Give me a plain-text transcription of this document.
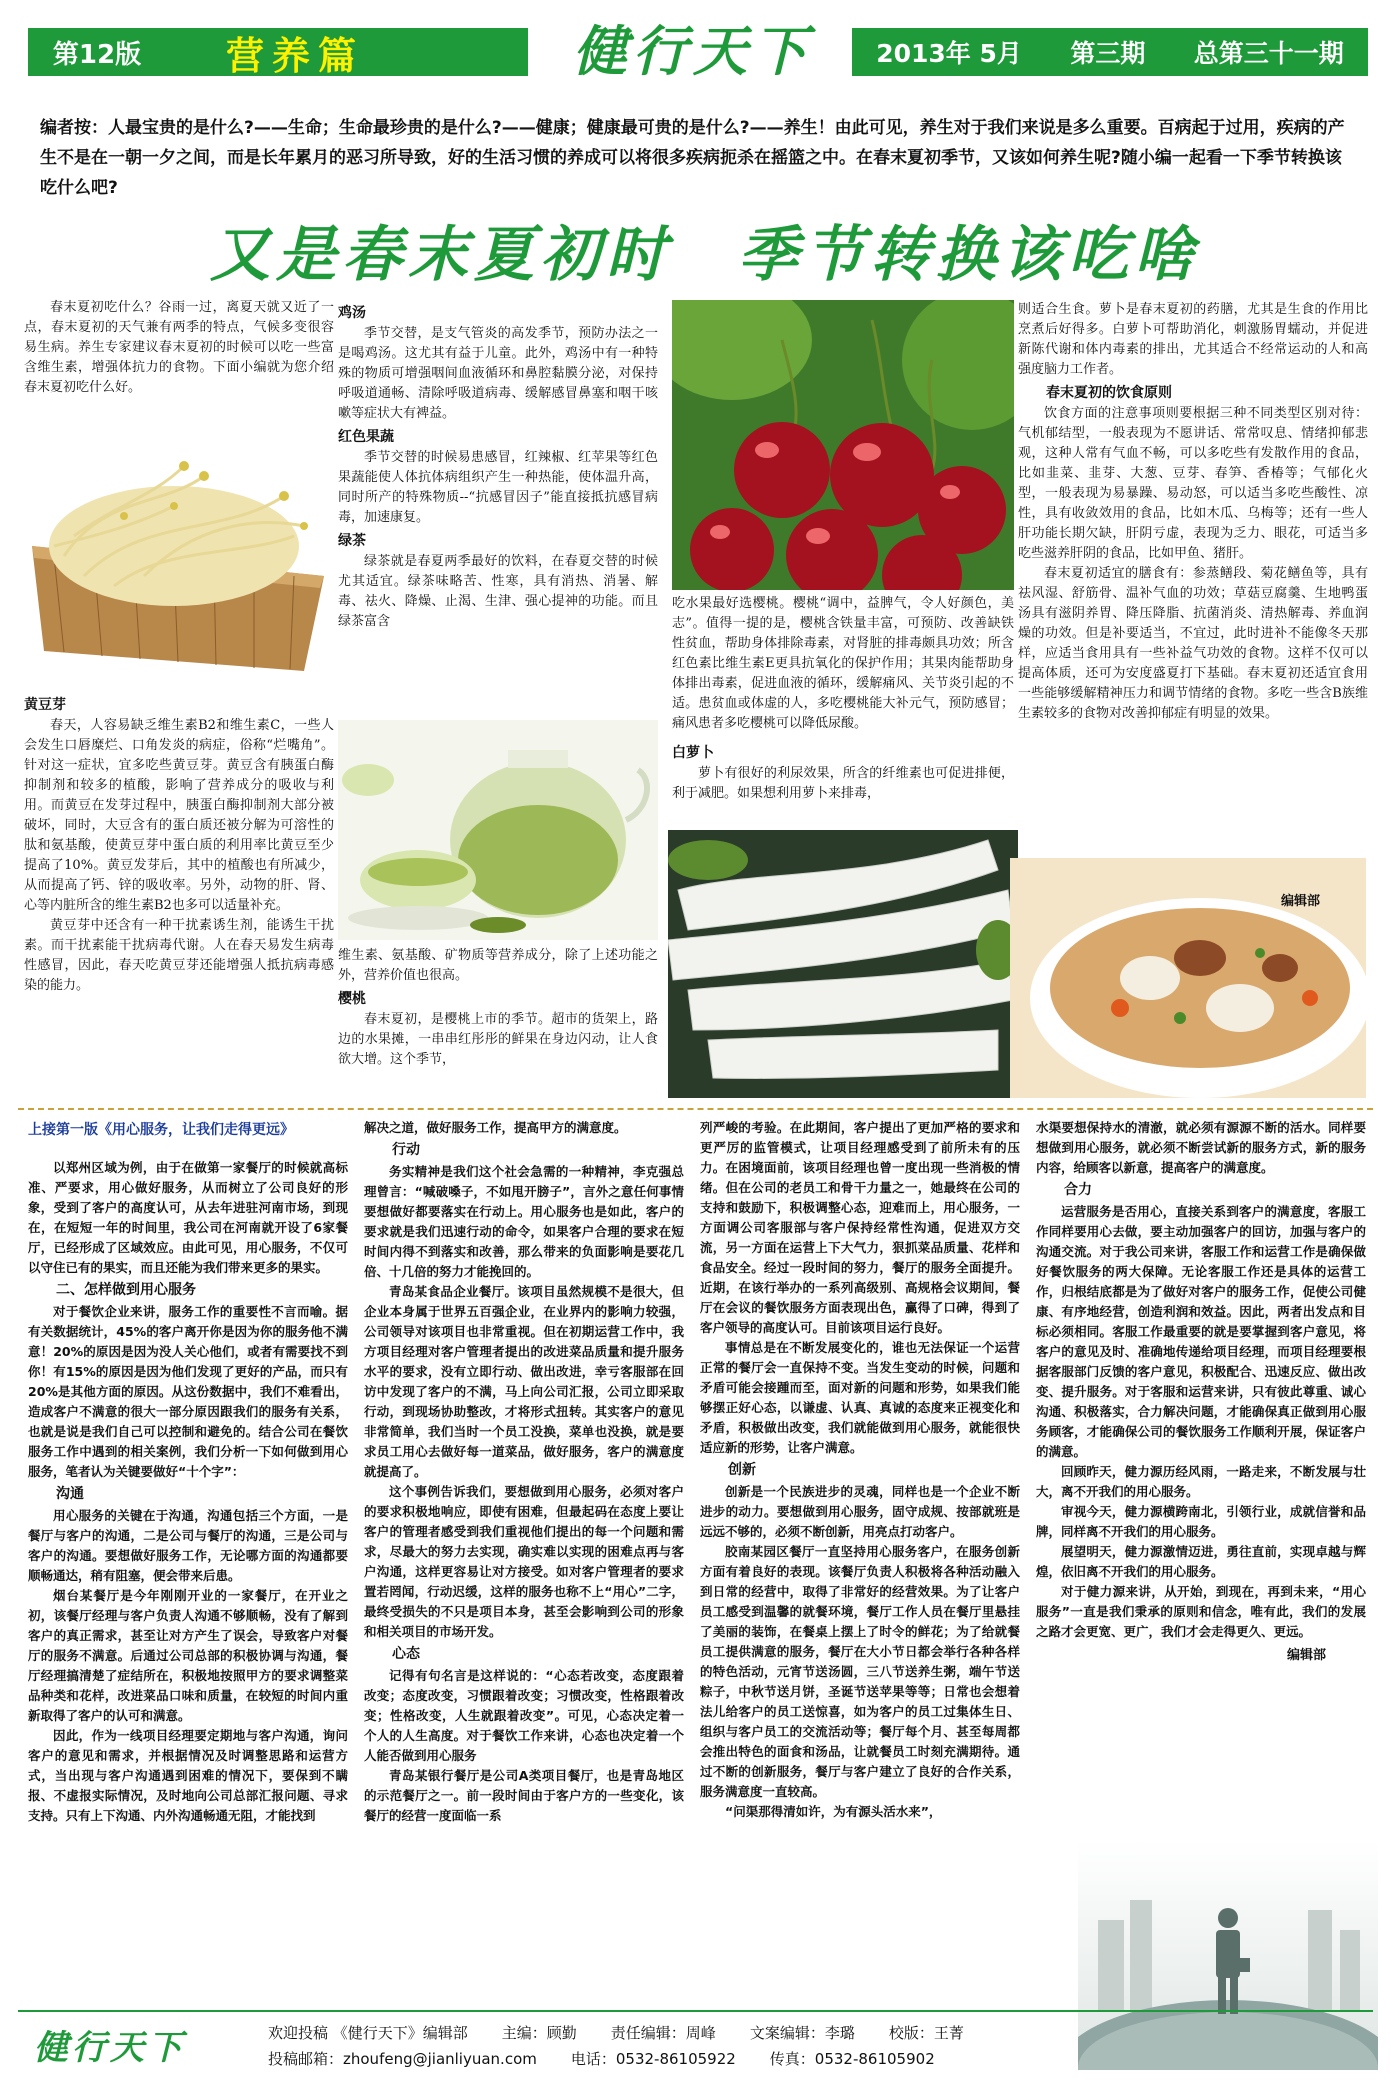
第12版	营养篇	健行天下	2013年 5月 第三期 总第三十一期
编者按：人最宝贵的是什么?——生命；生命最珍贵的是什么?——健康；健康最可贵的是什么?——养生！由此可见，养生对于我们来说是多么重要。百病起于过用，疾病的产生不是在一朝一夕之间，而是长年累月的恶习所导致，好的生活习惯的养成可以将很多疾病扼杀在摇篮之中。在春末夏初季节，又该如何养生呢?随小编一起看一下季节转换该吃什么吧?
又是春末夏初时　季节转换该吃啥

春末夏初吃什么？谷雨一过，离夏天就又近了一点，春末夏初的天气兼有两季的特点，气候多变很容易生病。养生专家建议春末夏初的时候可以吃一些富含维生素，增强体抗力的食物。下面小编就为您介绍春末夏初吃什么好。

黄豆芽

春天，人容易缺乏维生素B2和维生素C，一些人会发生口唇糜烂、口角发炎的病症，俗称“烂嘴角”。针对这一症状，宜多吃些黄豆芽。黄豆含有胰蛋白酶抑制剂和较多的植酸，影响了营养成分的吸收与利用。而黄豆在发芽过程中，胰蛋白酶抑制剂大部分被破坏，同时，大豆含有的蛋白质还被分解为可溶性的肽和氨基酸，使黄豆芽中蛋白质的利用率比黄豆至少提高了10%。黄豆发芽后，其中的植酸也有所减少，从而提高了钙、锌的吸收率。另外，动物的肝、肾、心等内脏所含的维生素B2也多可以适量补充。

黄豆芽中还含有一种干扰素诱生剂，能诱生干扰素。而干扰素能干扰病毒代谢。人在春天易发生病毒性感冒，因此，春天吃黄豆芽还能增强人抵抗病毒感染的能力。

鸡汤

季节交替，是支气管炎的高发季节，预防办法之一是喝鸡汤。这尤其有益于儿童。此外，鸡汤中有一种特殊的物质可增强咽间血液循环和鼻腔黏膜分泌，对保持呼吸道通畅、清除呼吸道病毒、缓解感冒鼻塞和咽干咳嗽等症状大有裨益。

红色果蔬

季节交替的时候易患感冒，红辣椒、红苹果等红色果蔬能使人体抗体病组织产生一种热能，使体温升高，同时所产的特殊物质--“抗感冒因子”能直接抵抗感冒病毒，加速康复。

绿茶

绿茶就是春夏两季最好的饮料，在春夏交替的时候尤其适宜。绿茶味略苦、性寒，具有消热、消暑、解毒、祛火、降燥、止渴、生津、强心提神的功能。而且绿茶富含

维生素、氨基酸、矿物质等营养成分，除了上述功能之外，营养价值也很高。

樱桃

春末夏初，是樱桃上市的季节。超市的货架上，路边的水果摊，一串串红彤彤的鲜果在身边闪动，让人食欲大增。这个季节，

吃水果最好选樱桃。樱桃“调中，益脾气，令人好颜色，美志”。值得一提的是，樱桃含铁量丰富，可预防、改善缺铁性贫血，帮助身体排除毒素，对肾脏的排毒颇具功效；所含红色素比维生素E更具抗氧化的保护作用；其果肉能帮助身体排出毒素，促进血液的循环，缓解痛风、关节炎引起的不适。患贫血或体虚的人，多吃樱桃能大补元气，预防感冒；痛风患者多吃樱桃可以降低尿酸。

白萝卜

萝卜有很好的利尿效果，所含的纤维素也可促进排便，利于减肥。如果想利用萝卜来排毒，

则适合生食。萝卜是春末夏初的药膳，尤其是生食的作用比烹煮后好得多。白萝卜可帮助消化，刺激肠胃蠕动，并促进新陈代谢和体内毒素的排出，尤其适合不经常运动的人和高强度脑力工作者。

春末夏初的饮食原则

饮食方面的注意事项则要根据三种不同类型区别对待：气机郁结型，一般表现为不愿讲话、常常叹息、情绪抑郁悲观，这种人常有气血不畅，可以多吃些有发散作用的食品，比如韭菜、韭芽、大葱、豆芽、春笋、香椿等；气郁化火型，一般表现为易暴躁、易动怒，可以适当多吃些酸性、凉性，具有收敛效用的食品，比如木瓜、乌梅等；还有一些人肝功能长期欠缺，肝阴亏虚，表现为乏力、眼花，可适当多吃些滋养肝阴的食品，比如甲鱼、猪肝。

春末夏初适宜的膳食有：参蒸鳝段、菊花鳝鱼等，具有祛风湿、舒筋骨、温补气血的功效；草菇豆腐羹、生地鸭蛋汤具有滋阴养胃、降压降脂、抗菌消炎、清热解毒、养血润燥的功效。但是补要适当，不宜过，此时进补不能像冬天那样，应适当食用具有一些补益气功效的食物。这样不仅可以提高体质，还可为安度盛夏打下基础。春末夏初还适宜食用一些能够缓解精神压力和调节情绪的食物。多吃一些含B族维生素较多的食物对改善抑郁症有明显的效果。

编辑部
上接第一版《用心服务，让我们走得更远》

以郑州区域为例，由于在做第一家餐厅的时候就高标准、严要求，用心做好服务，从而树立了公司良好的形象，受到了客户的高度认可，从去年进驻河南市场，到现在，在短短一年的时间里，我公司在河南就开设了6家餐厅，已经形成了区域效应。由此可见，用心服务，不仅可以守住已有的果实，而且还能为我们带来更多的果实。

二、怎样做到用心服务

对于餐饮企业来讲，服务工作的重要性不言而喻。据有关数据统计，45%的客户离开你是因为你的服务他不满意！20%的原因是因为没人关心他们，或者有需要找不到你！有15%的原因是因为他们发现了更好的产品，而只有20%是其他方面的原因。从这份数据中，我们不难看出，造成客户不满意的很大一部分原因跟我们的服务有关系，也就是说是我们自己可以控制和避免的。结合公司在餐饮服务工作中遇到的相关案例，我们分析一下如何做到用心服务，笔者认为关键要做好“十个字”：

沟通

用心服务的关键在于沟通，沟通包括三个方面，一是餐厅与客户的沟通，二是公司与餐厅的沟通，三是公司与客户的沟通。要想做好服务工作，无论哪方面的沟通都要顺畅通达，稍有阻塞，便会带来后患。

烟台某餐厅是今年刚刚开业的一家餐厅，在开业之初，该餐厅经理与客户负责人沟通不够顺畅，没有了解到客户的真正需求，甚至让对方产生了误会，导致客户对餐厅的服务不满意。后通过公司总部的积极协调与沟通，餐厅经理搞清楚了症结所在，积极地按照甲方的要求调整菜品种类和花样，改进菜品口味和质量，在较短的时间内重新取得了客户的认可和满意。

因此，作为一线项目经理要定期地与客户沟通，询问客户的意见和需求，并根据情况及时调整思路和运营方式，当出现与客户沟通遇到困难的情况下，要保到不瞒报、不虚报实际情况，及时地向公司总部汇报问题、寻求支持。只有上下沟通、内外沟通畅通无阻，才能找到

解决之道，做好服务工作，提高甲方的满意度。

行动

务实精神是我们这个社会急需的一种精神，李克强总理曾言：“喊破嗓子，不如甩开膀子”，言外之意任何事情要想做好都要落实在行动上。用心服务也是如此，客户的要求就是我们迅速行动的命令，如果客户合理的要求在短时间内得不到落实和改善，那么带来的负面影响是要花几倍、十几倍的努力才能挽回的。

青岛某食品企业餐厅。该项目虽然规模不是很大，但企业本身属于世界五百强企业，在业界内的影响力较强，公司领导对该项目也非常重视。但在初期运营工作中，我方项目经理对客户管理者提出的改进菜品质量和提升服务水平的要求，没有立即行动、做出改进，幸亏客服部在回访中发现了客户的不满，马上向公司汇报，公司立即采取行动，到现场协助整改，才将形式扭转。其实客户的意见非常简单，我们当时一个员工没换，菜单也没换，就是要求员工用心去做好每一道菜品，做好服务，客户的满意度就提高了。

这个事例告诉我们，要想做到用心服务，必须对客户的要求积极地响应，即使有困难，但最起码在态度上要让客户的管理者感受到我们重视他们提出的每一个问题和需求，尽最大的努力去实现，确实难以实现的困难点再与客户沟通，这样更容易让对方接受。如对客户管理者的要求置若罔闻，行动迟缓，这样的服务也称不上“用心”二字，最终受损失的不只是项目本身，甚至会影响到公司的形象和相关项目的市场开发。

心态

记得有句名言是这样说的：“心态若改变，态度跟着改变；态度改变，习惯跟着改变；习惯改变，性格跟着改变；性格改变，人生就跟着改变”。可见，心态决定着一个人的人生高度。对于餐饮工作来讲，心态也决定着一个人能否做到用心服务

青岛某银行餐厅是公司A类项目餐厅，也是青岛地区的示范餐厅之一。前一段时间由于客户方的一些变化，该餐厅的经营一度面临一系

列严峻的考验。在此期间，客户提出了更加严格的要求和更严厉的监管模式，让项目经理感受到了前所未有的压力。在困境面前，该项目经理也曾一度出现一些消极的情绪。但在公司的老员工和骨干力量之一，她最终在公司的支持和鼓励下，积极调整心态，迎难而上，用心服务，一方面调公司客服部与客户保持经常性沟通，促进双方交流，另一方面在运营上下大气力，狠抓菜品质量、花样和食品安全。经过一段时间的努力，餐厅的服务全面提升。近期，在该行举办的一系列高级别、高规格会议期间，餐厅在会议的餐饮服务方面表现出色，赢得了口碑，得到了客户领导的高度认可。目前该项目运行良好。

事情总是在不断发展变化的，谁也无法保证一个运营正常的餐厅会一直保持不变。当发生变动的时候，问题和矛盾可能会接踵而至，面对新的问题和形势，如果我们能够摆正好心态，以谦虚、认真、真诚的态度来正视变化和矛盾，积极做出改变，我们就能做到用心服务，就能很快适应新的形势，让客户满意。

创新

创新是一个民族进步的灵魂，同样也是一个企业不断进步的动力。要想做到用心服务，固守成规、按部就班是远远不够的，必须不断创新，用亮点打动客户。

胶南某园区餐厅一直坚持用心服务客户，在服务创新方面有着良好的表现。该餐厅负责人积极将各种活动融入到日常的经营中，取得了非常好的经营效果。为了让客户员工感受到温馨的就餐环境，餐厅工作人员在餐厅里悬挂了美丽的装饰，在餐桌上摆上了时令的鲜花；为了给就餐员工提供满意的服务，餐厅在大小节日都会举行各种各样的特色活动，元宵节送汤圆，三八节送养生粥，端午节送粽子，中秋节送月饼，圣诞节送苹果等等；日常也会想着法儿给客户的员工送惊喜，如为客户的员工过集体生日、组织与客户员工的交流活动等；餐厅每个月、甚至每周都会推出特色的面食和汤品，让就餐员工时刻充满期待。通过不断的创新服务，餐厅与客户建立了良好的合作关系，服务满意度一直较高。

“问渠那得清如许，为有源头活水来”，

水渠要想保持水的清澈，就必须有源源不断的活水。同样要想做到用心服务，就必须不断尝试新的服务方式，新的服务内容，给顾客以新意，提高客户的满意度。

合力

运营服务是否用心，直接关系到客户的满意度，客服工作同样要用心去做，要主动加强客户的回访，加强与客户的沟通交流。对于我公司来讲，客服工作和运营工作是确保做好餐饮服务的两大保障。无论客服工作还是具体的运营工作，归根结底都是为了做好对客户的服务工作，促使公司健康、有序地经营，创造利润和效益。因此，两者出发点和目标必须相同。客服工作最重要的就是要掌握到客户意见，将客户的意见及时、准确地传递给项目经理，而项目经理要根据客服部门反馈的客户意见，积极配合、迅速反应、做出改变、提升服务。对于客服和运营来讲，只有彼此尊重、诚心沟通、积极落实，合力解决问题，才能确保真正做到用心服务顾客，才能确保公司的餐饮服务工作顺利开展，保证客户的满意。

回顾昨天，健力源历经风雨，一路走来，不断发展与壮大，离不开我们的用心服务。

审视今天，健力源横跨南北，引领行业，成就信誉和品牌，同样离不开我们的用心服务。

展望明天，健力源激情迈进，勇往直前，实现卓越与辉煌，依旧离不开我们的用心服务。

对于健力源来讲，从开始，到现在，再到未来，“用心服务”一直是我们秉承的原则和信念，唯有此，我们的发展之路才会更宽、更广，我们才会走得更久、更远。

编辑部
健行天下	欢迎投稿 《健行天下》编辑部 主编：顾勤 责任编辑：周峰 文案编辑：李璐 校版：王菁
投稿邮箱：zhoufeng@jianliyuan.com 电话：0532-86105922 传真：0532-86105902
